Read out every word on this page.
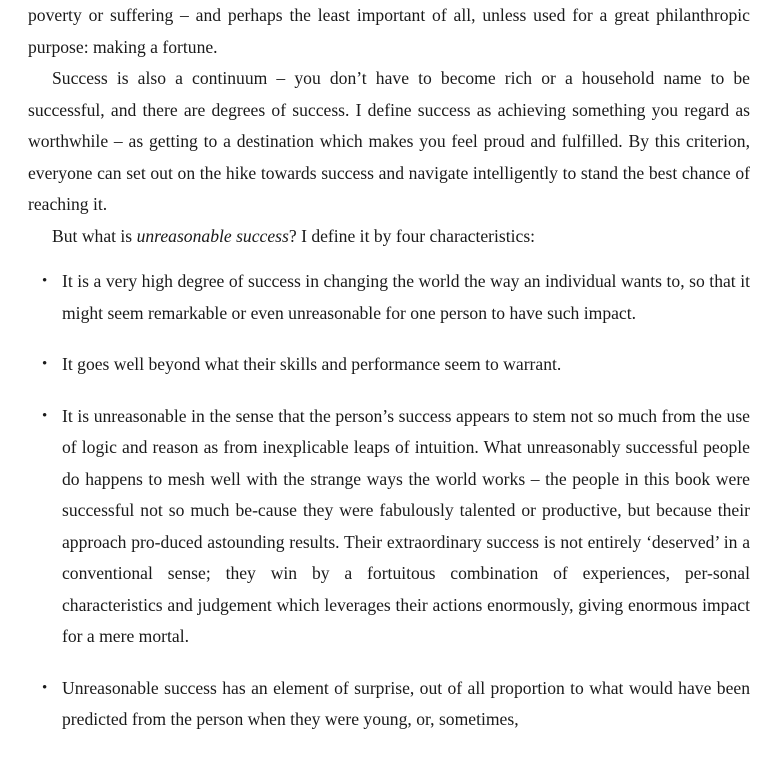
poverty or suffering – and perhaps the least important of all, unless used for a great philanthropic purpose: making a fortune.

Success is also a continuum – you don’t have to become rich or a household name to be successful, and there are degrees of success. I define success as achieving something you regard as worthwhile – as getting to a destination which makes you feel proud and fulfilled. By this criterion, everyone can set out on the hike towards success and navigate intelligently to stand the best chance of reaching it.

But what is unreasonable success? I define it by four characteristics:

• It is a very high degree of success in changing the world the way an individual wants to, so that it might seem remarkable or even unreasonable for one person to have such impact.
• It goes well beyond what their skills and performance seem to warrant.
• It is unreasonable in the sense that the person’s success appears to stem not so much from the use of logic and reason as from inexplicable leaps of intuition. What unreasonably successful people do happens to mesh well with the strange ways the world works – the people in this book were successful not so much be-cause they were fabulously talented or productive, but because their approach pro-duced astounding results. Their extraordinary success is not entirely ‘deserved’ in a conventional sense; they win by a fortuitous combination of experiences, per-sonal characteristics and judgement which leverages their actions enormously, giving enormous impact for a mere mortal.
• Unreasonable success has an element of surprise, out of all proportion to what would have been predicted from the person when they were young, or, sometimes,
